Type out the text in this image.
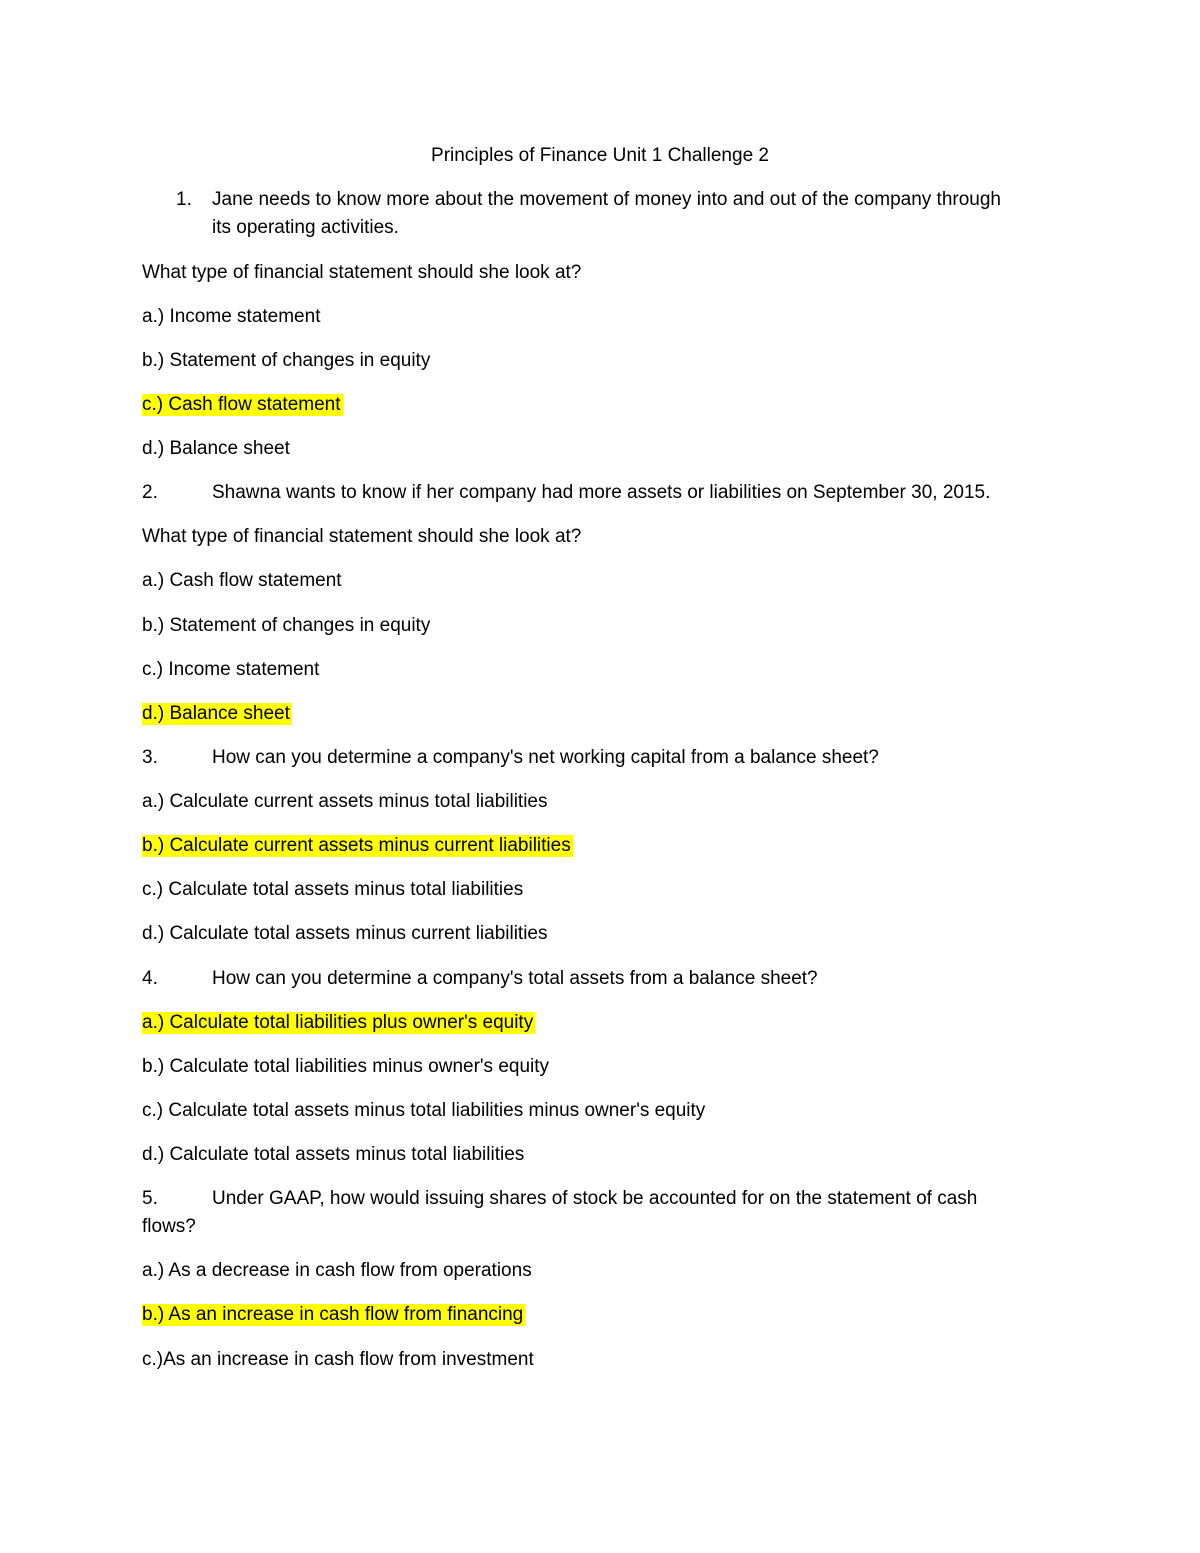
Principles of Finance Unit 1 Challenge 2
1. Jane needs to know more about the movement of money into and out of the company through
its operating activities.
What type of financial statement should she look at?
a.) Income statement
b.) Statement of changes in equity
c.) Cash flow statement
d.) Balance sheet
2.	Shawna wants to know if her company had more assets or liabilities on September 30, 2015.
What type of financial statement should she look at?
a.) Cash flow statement
b.) Statement of changes in equity
c.) Income statement
d.) Balance sheet
3.	How can you determine a company's net working capital from a balance sheet?
a.) Calculate current assets minus total liabilities
b.) Calculate current assets minus current liabilities
c.) Calculate total assets minus total liabilities
d.) Calculate total assets minus current liabilities
4.	How can you determine a company's total assets from a balance sheet?
a.) Calculate total liabilities plus owner's equity
b.) Calculate total liabilities minus owner's equity
c.) Calculate total assets minus total liabilities minus owner's equity
d.) Calculate total assets minus total liabilities
5.	Under GAAP, how would issuing shares of stock be accounted for on the statement of cash
flows?
a.) As a decrease in cash flow from operations
b.) As an increase in cash flow from financing
c.)As an increase in cash flow from investment
